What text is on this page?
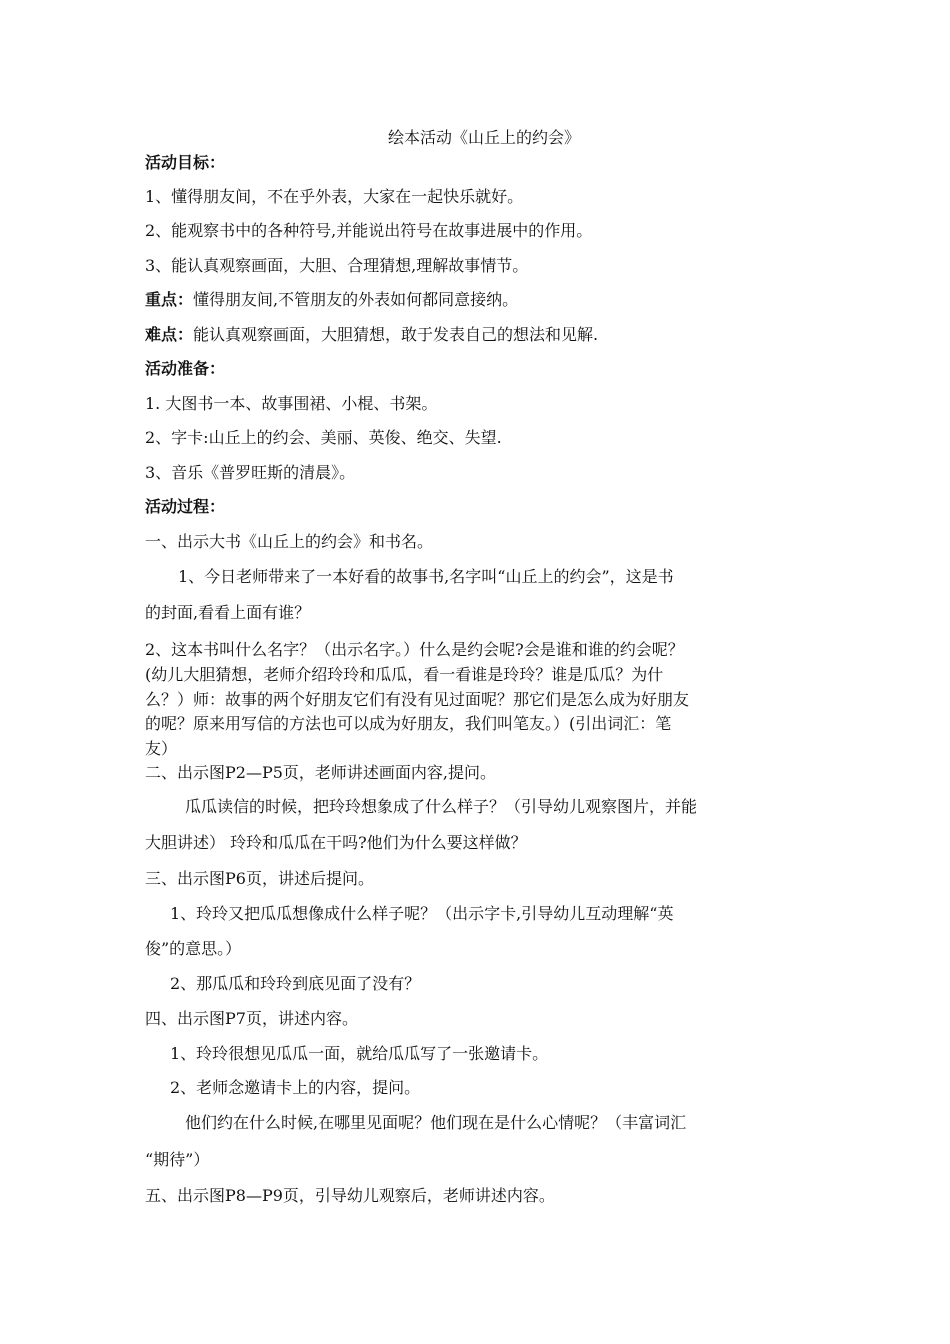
绘本活动《山丘上的约会》
活动目标：
1、懂得朋友间，不在乎外表，大家在一起快乐就好。
2、能观察书中的各种符号,并能说出符号在故事进展中的作用。
3、能认真观察画面，大胆、合理猜想,理解故事情节。
重点：懂得朋友间,不管朋友的外表如何都同意接纳。
难点：能认真观察画面，大胆猜想，敢于发表自己的想法和见解.
活动准备：
1. 大图书一本、故事围裙、小棍、书架。
2、字卡:山丘上的约会、美丽、英俊、绝交、失望.
3、音乐《普罗旺斯的清晨》。
活动过程：
一、出示大书《山丘上的约会》和书名。
1、今日老师带来了一本好看的故事书,名字叫“山丘上的约会”，这是书
的封面,看看上面有谁？
2、这本书叫什么名字？（出示名字。）什么是约会呢?会是谁和谁的约会呢？
(幼儿大胆猜想，老师介绍玲玲和瓜瓜，看一看谁是玲玲？谁是瓜瓜？为什
么？）师：故事的两个好朋友它们有没有见过面呢？那它们是怎么成为好朋友
的呢？原来用写信的方法也可以成为好朋友，我们叫笔友。）(引出词汇：笔
友）
二、出示图P2—P5页，老师讲述画面内容,提问。
瓜瓜读信的时候，把玲玲想象成了什么样子？（引导幼儿观察图片，并能
大胆讲述） 玲玲和瓜瓜在干吗?他们为什么要这样做？
三、出示图P6页，讲述后提问。
1、玲玲又把瓜瓜想像成什么样子呢？（出示字卡,引导幼儿互动理解“英
俊”的意思。）
2、那瓜瓜和玲玲到底见面了没有？
四、出示图P7页，讲述内容。
1、玲玲很想见瓜瓜一面，就给瓜瓜写了一张邀请卡。
2、老师念邀请卡上的内容，提问。
他们约在什么时候,在哪里见面呢？他们现在是什么心情呢？（丰富词汇
“期待”）
五、出示图P8—P9页，引导幼儿观察后，老师讲述内容。
